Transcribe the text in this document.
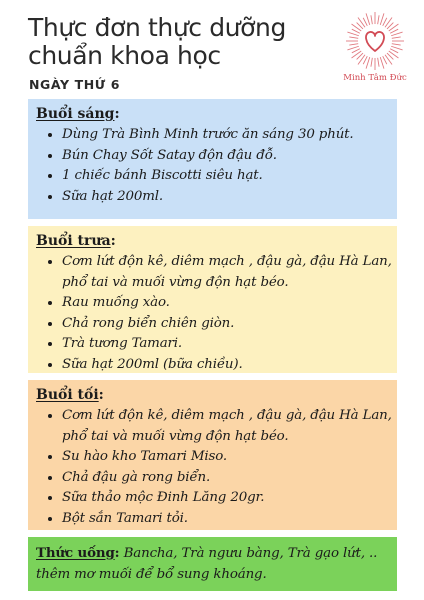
Thực đơn thực dưỡng chuẩn khoa học
NGÀY THỨ 6	Minh Tâm Đức
Buổi sáng:
• Dùng Trà Bình Minh trước ăn sáng 30 phút.
• Bún Chay Sốt Satay độn đậu đỗ.
• 1 chiếc bánh Biscotti siêu hạt.
• Sữa hạt 200ml.
Buổi trưa:
• Cơm lứt độn kê, diêm mạch , đậu gà, đậu Hà Lan, phổ tai và muối vừng độn hạt béo.
• Rau muống xào.
• Chả rong biển chiên giòn.
• Trà tương Tamari.
• Sữa hạt 200ml (bữa chiều).
Buổi tối:
• Cơm lứt độn kê, diêm mạch , đậu gà, đậu Hà Lan, phổ tai và muối vừng độn hạt béo.
• Su hào kho Tamari Miso.
• Chả đậu gà rong biển.
• Sữa thảo mộc Đinh Lăng 20gr.
• Bột sắn Tamari tỏi.

Thức uống: Bancha, Trà ngưu bàng, Trà gạo lứt, .. thêm mơ muối để bổ sung khoáng.
